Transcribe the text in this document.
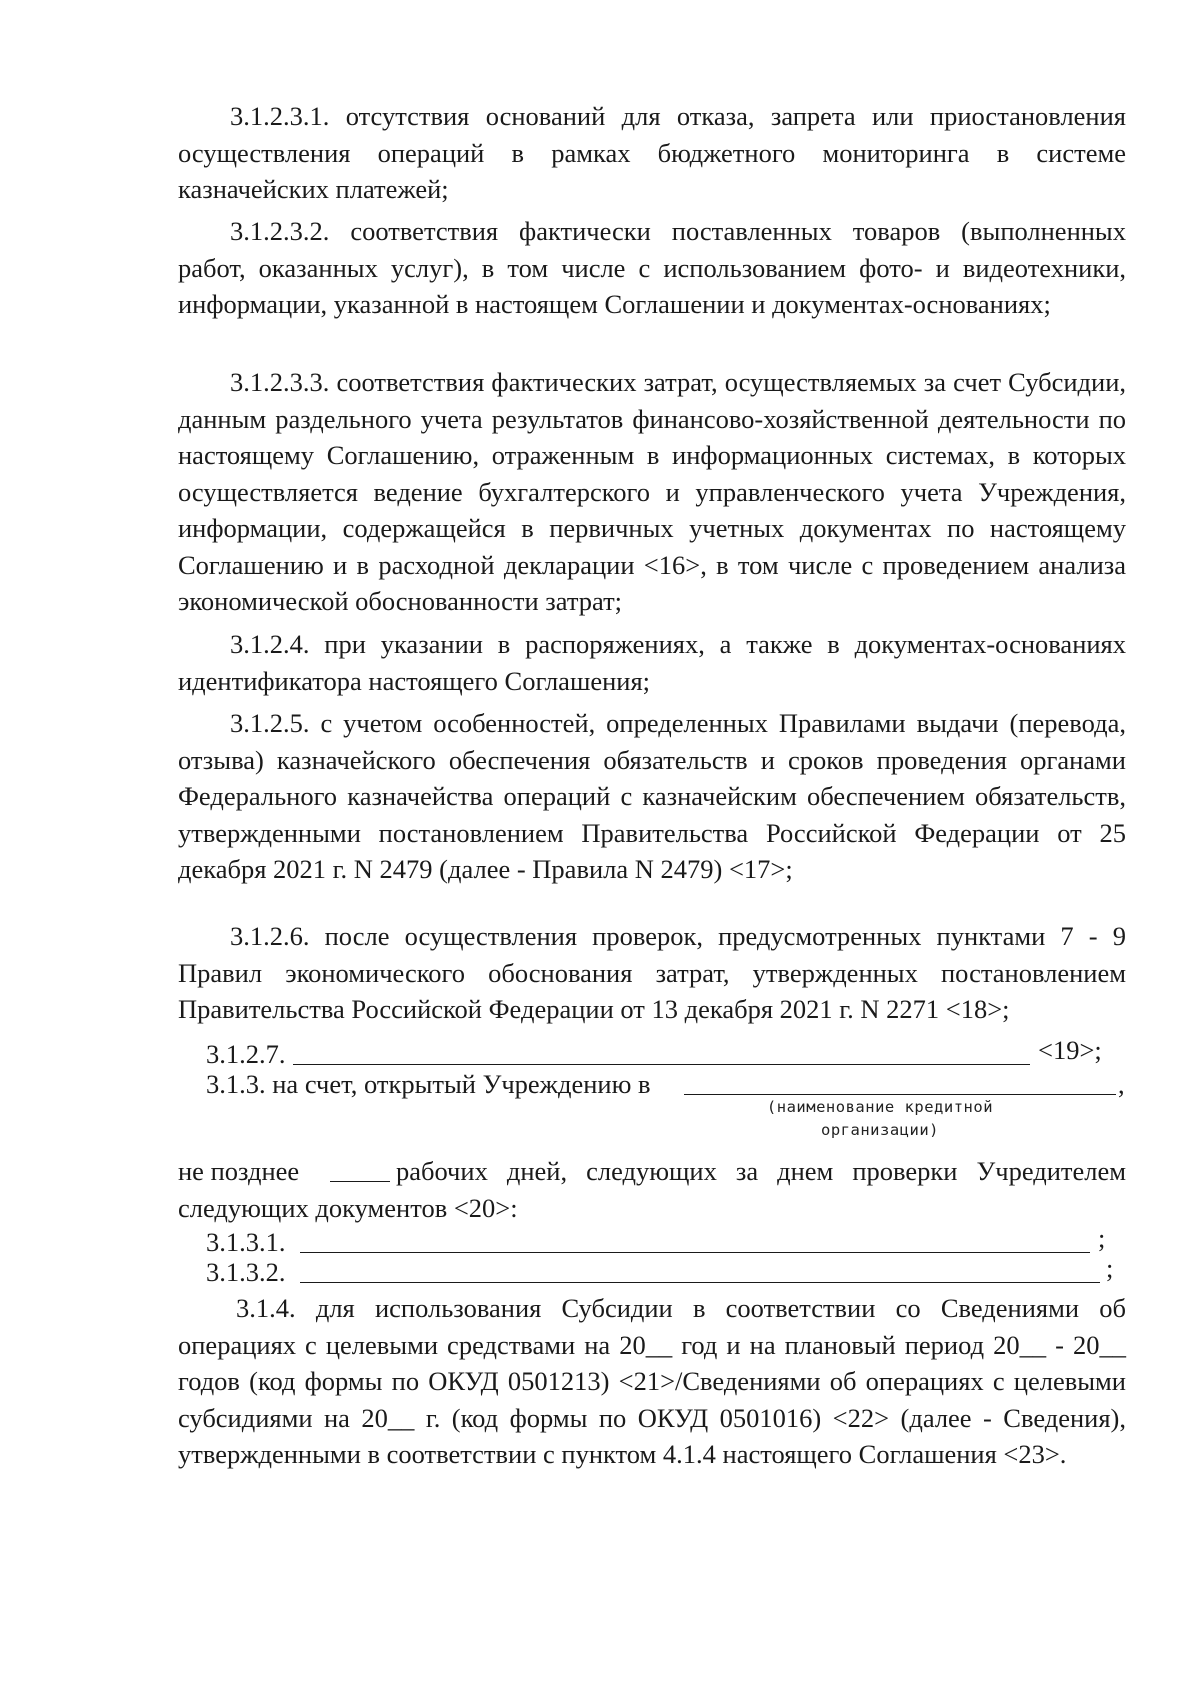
3.1.2.3.1. отсутствия оснований для отказа, запрета или приостановления осуществления операций в рамках бюджетного мониторинга в системе казначейских платежей;

3.1.2.3.2. соответствия фактически поставленных товаров (выполненных работ, оказанных услуг), в том числе с использованием фото- и видеотехники, информации, указанной в настоящем Соглашении и документах-основаниях;

3.1.2.3.3. соответствия фактических затрат, осуществляемых за счет Субсидии, данным раздельного учета результатов финансово-хозяйственной деятельности по настоящему Соглашению, отраженным в информационных системах, в которых осуществляется ведение бухгалтерского и управленческого учета Учреждения, информации, содержащейся в первичных учетных документах по настоящему Соглашению и в расходной декларации <16>, в том числе с проведением анализа экономической обоснованности затрат;

3.1.2.4. при указании в распоряжениях, а также в документах-основаниях идентификатора настоящего Соглашения;

3.1.2.5. с учетом особенностей, определенных Правилами выдачи (перевода, отзыва) казначейского обеспечения обязательств и сроков проведения органами Федерального казначейства операций с казначейским обеспечением обязательств, утвержденными постановлением Правительства Российской Федерации от 25 декабря 2021 г. N 2479 (далее - Правила N 2479) <17>;

3.1.2.6. после осуществления проверок, предусмотренных пунктами 7 - 9 Правил экономического обоснования затрат, утвержденных постановлением Правительства Российской Федерации от 13 декабря 2021 г. N 2271 <18>;

3.1.2.7.	<19>;
3.1.3. на счет, открытый Учреждению в	,
(наименование кредитной
организации)
не позднее	рабочих дней, следующих за днем проверки Учредителем следующих документов <20>:

3.1.3.1.	;
3.1.3.2.	;

3.1.4. для использования Субсидии в соответствии со Сведениями об операциях с целевыми средствами на 20__ год и на плановый период 20__ - 20__ годов (код формы по ОКУД 0501213) <21>/Сведениями об операциях с целевыми субсидиями на 20__ г. (код формы по ОКУД 0501016) <22> (далее - Сведения), утвержденными в соответствии с пунктом 4.1.4 настоящего Соглашения <23>.
